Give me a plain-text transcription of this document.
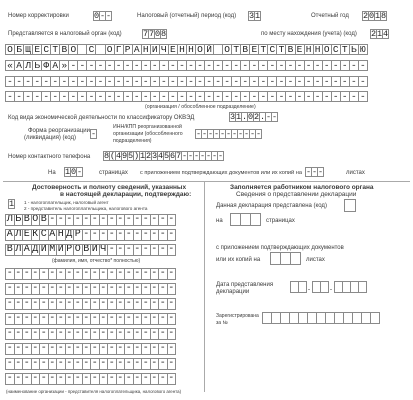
Номер корректировки	0 - -	Налоговый (отчетный) период (код) 3 1	Отчетный год 2 0 1 8
Представляется в налоговый орган (код)	7 7 0 8	по месту нахождения (учета) (код) 2 1 4
О Б Щ Е С Т В О С О Г Р А Н И Ч Е Н Н О Й О Т В Е Т С Т В Е Н Н О С Т Ь Ю
« А Л Ь Ф А » - - - - - - - - - - - - - - - - - - - - - - - - - - - - - - - - -
- - - - - - - - - - - - - - - - - - - - - - - - - - - - - - - - - - - - - - - -
- - - - - - - - - - - - - - - - - - - - - - - - - - - - - - - - - - - - - - - -
(организация / обособленное подразделение)
Код вида экономической деятельности по классификатору ОКВЭД	3 1 . 0 2 . - -
Форма реорганизации
(ликвидация) (код) -
ИНН/КПП реорганизованной
организации (обособленного
подразделения)
- - - - - - - - - - -
Номер контактного телефона 8 ( 4 9 5 ) 1 2 3 4 5 6 7 - - - - - - -
На 1 0 -	страницах с приложением подтверждающих документов или их копий на - - -	листах
Достоверность и полноту сведений, указанных
в настоящей декларации, подтверждаю:
1 1 - налогоплательщик, налоговый агент
2 - представитель налогоплательщика, налогового агента
Л Ь В О В - - - - - - - - - - - - - - -
А Л Е К С А Н Д Р - - - - - - - - - - -
В Л А Д И М И Р О В И Ч - - - - - - - -
(фамилия, имя, отчество* полностью)
- - - - - - - - - - - - - - - - - - - -
- - - - - - - - - - - - - - - - - - - -
- - - - - - - - - - - - - - - - - - - -
- - - - - - - - - - - - - - - - - - - -
- - - - - - - - - - - - - - - - - - - -
- - - - - - - - - - - - - - - - - - - -
- - - - - - - - - - - - - - - - - - - -
- - - - - - - - - - - - - - - - - - - -
(наименование организации - представителя налогоплательщика, налогового агента)
Заполняется работником налогового органа
Сведения о представлении декларации
Данная декларация представлена (код)
на	страницах
с приложением подтверждающих документов
или их копий на	листах
Дата представления
декларации	. .
Зарегистрирована
за №
